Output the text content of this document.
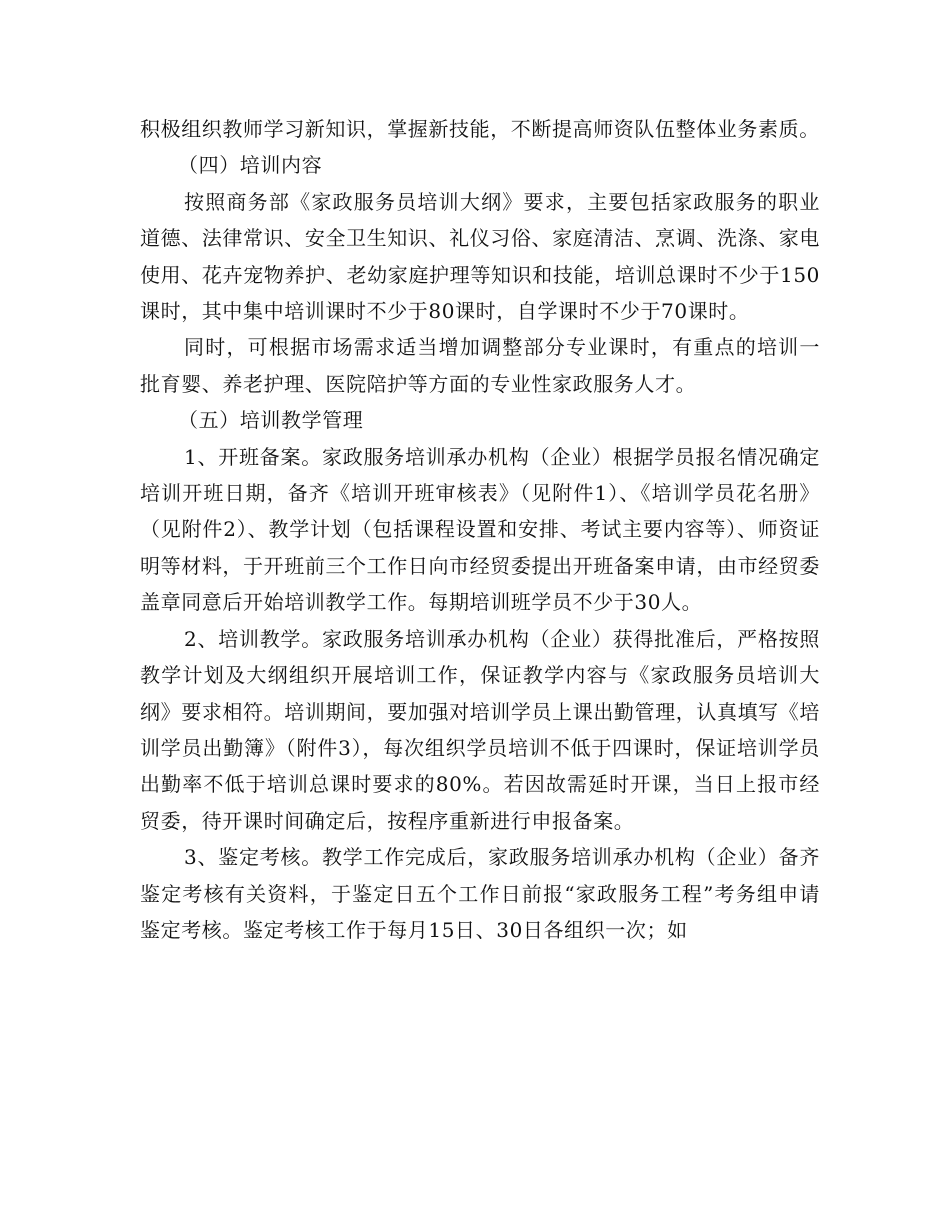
积极组织教师学习新知识，掌握新技能，不断提高师资队伍整体业务素质。

（四）培训内容

按照商务部《家政服务员培训大纲》要求，主要包括家政服务的职业道德、法律常识、安全卫生知识、礼仪习俗、家庭清洁、烹调、洗涤、家电使用、花卉宠物养护、老幼家庭护理等知识和技能，培训总课时不少于150课时，其中集中培训课时不少于80课时，自学课时不少于70课时。

同时，可根据市场需求适当增加调整部分专业课时，有重点的培训一批育婴、养老护理、医院陪护等方面的专业性家政服务人才。

（五）培训教学管理

1、开班备案。家政服务培训承办机构（企业）根据学员报名情况确定培训开班日期，备齐《培训开班审核表》（见附件1）、《培训学员花名册》（见附件2）、教学计划（包括课程设置和安排、考试主要内容等）、师资证明等材料，于开班前三个工作日向市经贸委提出开班备案申请，由市经贸委盖章同意后开始培训教学工作。每期培训班学员不少于30人。

2、培训教学。家政服务培训承办机构（企业）获得批准后，严格按照教学计划及大纲组织开展培训工作，保证教学内容与《家政服务员培训大纲》要求相符。培训期间，要加强对培训学员上课出勤管理，认真填写《培训学员出勤簿》（附件3），每次组织学员培训不低于四课时，保证培训学员出勤率不低于培训总课时要求的80%。若因故需延时开课，当日上报市经贸委，待开课时间确定后，按程序重新进行申报备案。

3、鉴定考核。教学工作完成后，家政服务培训承办机构（企业）备齐鉴定考核有关资料，于鉴定日五个工作日前报“家政服务工程”考务组申请鉴定考核。鉴定考核工作于每月15日、30日各组织一次；如
